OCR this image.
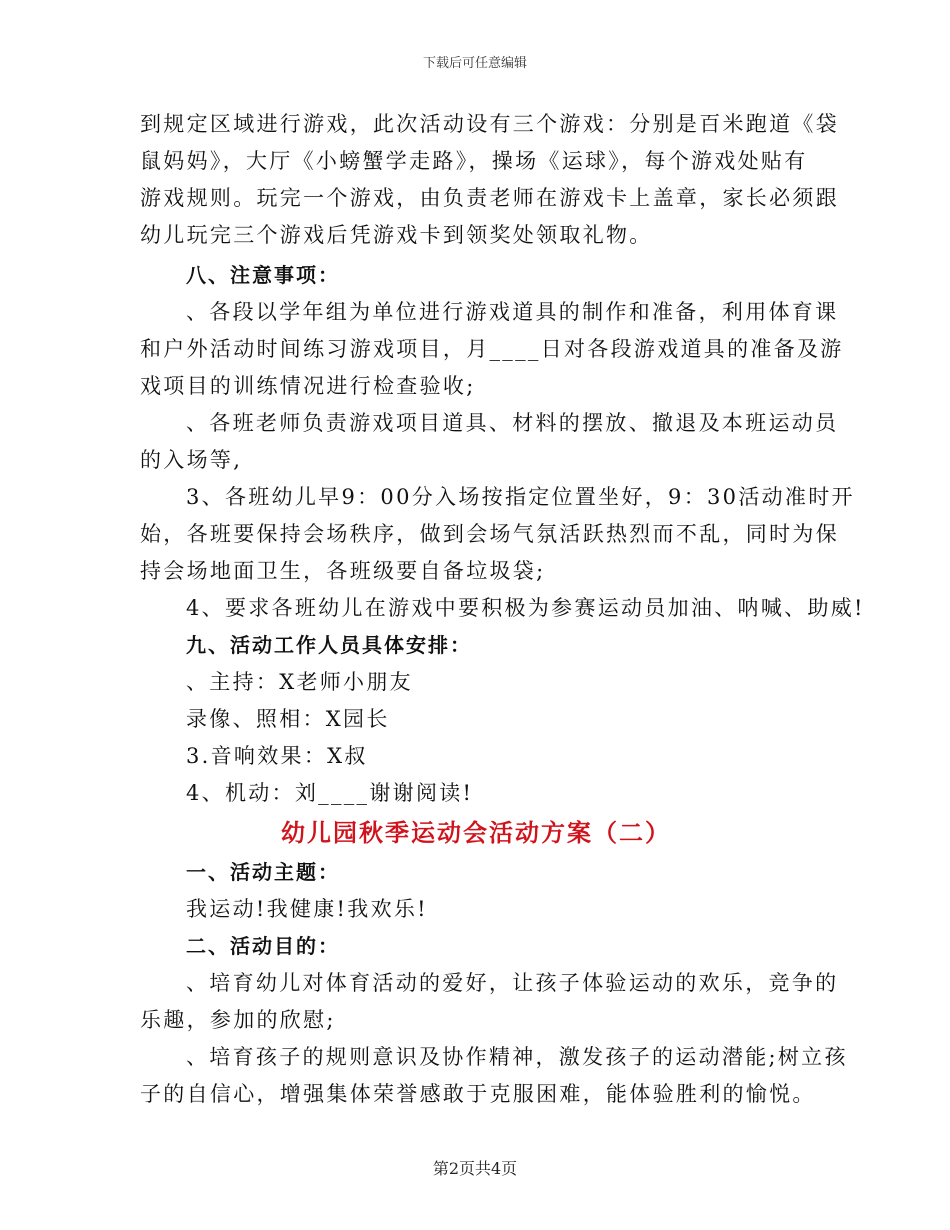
下载后可任意编辑

到规定区域进行游戏，此次活动设有三个游戏：分别是百米跑道《袋

鼠妈妈》，大厅《小螃蟹学走路》，操场《运球》，每个游戏处贴有

游戏规则。玩完一个游戏，由负责老师在游戏卡上盖章，家长必须跟

幼儿玩完三个游戏后凭游戏卡到领奖处领取礼物。

八、注意事项：

、各段以学年组为单位进行游戏道具的制作和准备，利用体育课

和户外活动时间练习游戏项目，月____日对各段游戏道具的准备及游

戏项目的训练情况进行检查验收;

、各班老师负责游戏项目道具、材料的摆放、撤退及本班运动员

的入场等,

3、各班幼儿早9：00分入场按指定位置坐好，9：30活动准时开

始，各班要保持会场秩序，做到会场气氛活跃热烈而不乱，同时为保

持会场地面卫生，各班级要自备垃圾袋;

4、要求各班幼儿在游戏中要积极为参赛运动员加油、呐喊、助威!

九、活动工作人员具体安排：

、主持：X老师小朋友

录像、照相：X园长

3.音响效果：X叔

4、机动：刘____谢谢阅读!

幼儿园秋季运动会活动方案（二）

一、活动主题：

我运动!我健康!我欢乐!

二、活动目的：

、培育幼儿对体育活动的爱好，让孩子体验运动的欢乐，竞争的

乐趣，参加的欣慰;

、培育孩子的规则意识及协作精神，激发孩子的运动潜能;树立孩

子的自信心，增强集体荣誉感敢于克服困难，能体验胜利的愉悦。

第2页共4页
